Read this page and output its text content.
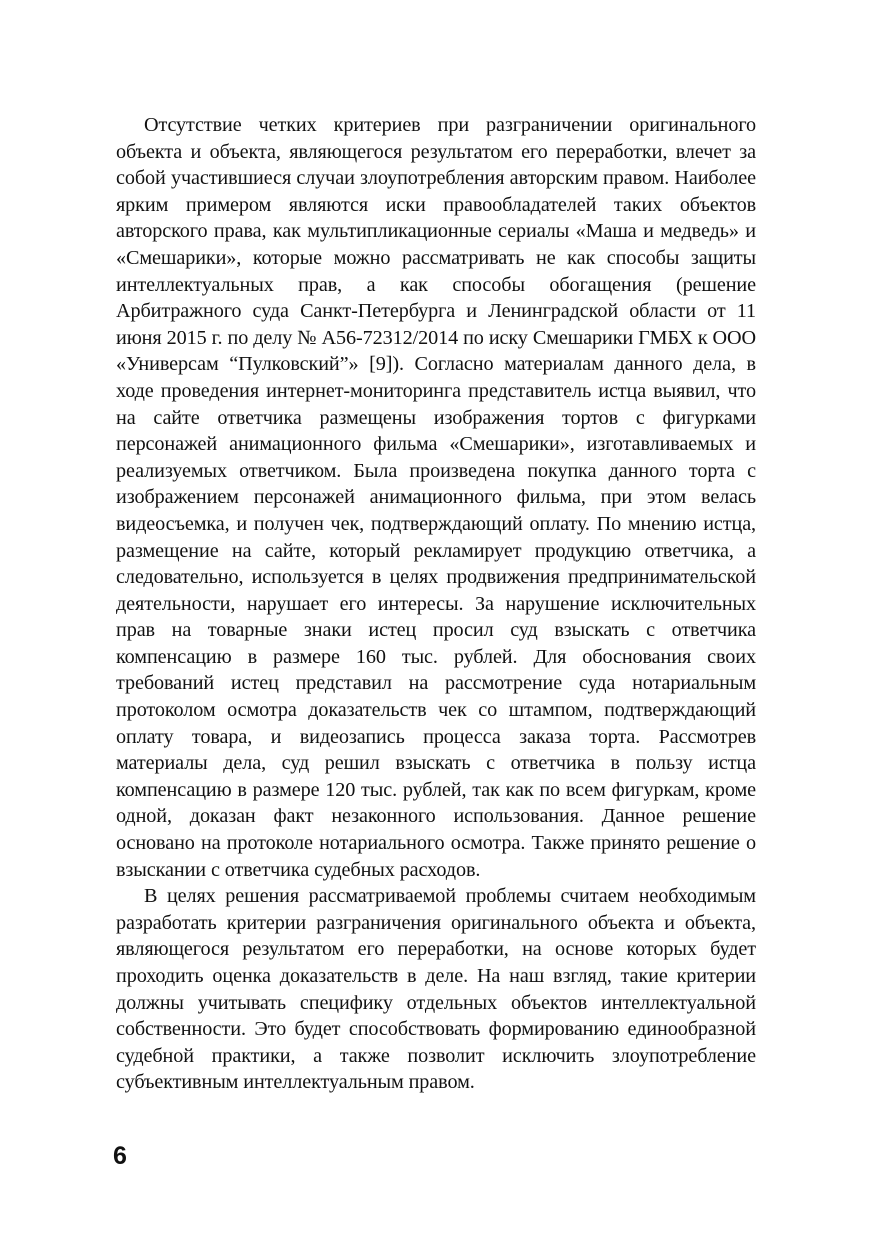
Отсутствие четких критериев при разграничении оригинального объекта и объекта, являющегося результатом его переработки, влечет за собой участившиеся случаи злоупотребления авторским правом. Наиболее ярким примером являются иски правообладателей таких объектов авторского права, как мультипликационные сериалы «Маша и медведь» и «Смешарики», которые можно рассматривать не как способы защиты интеллектуальных прав, а как способы обогащения (решение Арбитражного суда Санкт-Петербурга и Ленинградской области от 11 июня 2015 г. по делу № А56-72312/2014 по иску Смешарики ГМБХ к ООО «Универсам “Пулковский”» [9]). Согласно материалам данного дела, в ходе проведения интернет-мониторинга представитель истца выявил, что на сайте ответчика размещены изображения тортов с фигурками персонажей анимационного фильма «Смешарики», изготавливаемых и реализуемых ответчиком. Была произведена покупка данного торта с изображением персонажей анимационного фильма, при этом велась видеосъемка, и получен чек, подтверждающий оплату. По мнению истца, размещение на сайте, который рекламирует продукцию ответчика, а следовательно, используется в целях продвижения предпринимательской деятельности, нарушает его интересы. За нарушение исключительных прав на товарные знаки истец просил суд взыскать с ответчика компенсацию в размере 160 тыс. рублей. Для обоснования своих требований истец представил на рассмотрение суда нотариальным протоколом осмотра доказательств чек со штампом, подтверждающий оплату товара, и видеозапись процесса заказа торта. Рассмотрев материалы дела, суд решил взыскать с ответчика в пользу истца компенсацию в размере 120 тыс. рублей, так как по всем фигуркам, кроме одной, доказан факт незаконного использования. Данное решение основано на протоколе нотариального осмотра. Также принято решение о взыскании с ответчика судебных расходов.

В целях решения рассматриваемой проблемы считаем необходимым разработать критерии разграничения оригинального объекта и объекта, являющегося результатом его переработки, на основе которых будет проходить оценка доказательств в деле. На наш взгляд, такие критерии должны учитывать специфику отдельных объектов интеллектуальной собственности. Это будет способствовать формированию единообразной судебной практики, а также позволит исключить злоупотребление субъективным интеллектуальным правом.

6
